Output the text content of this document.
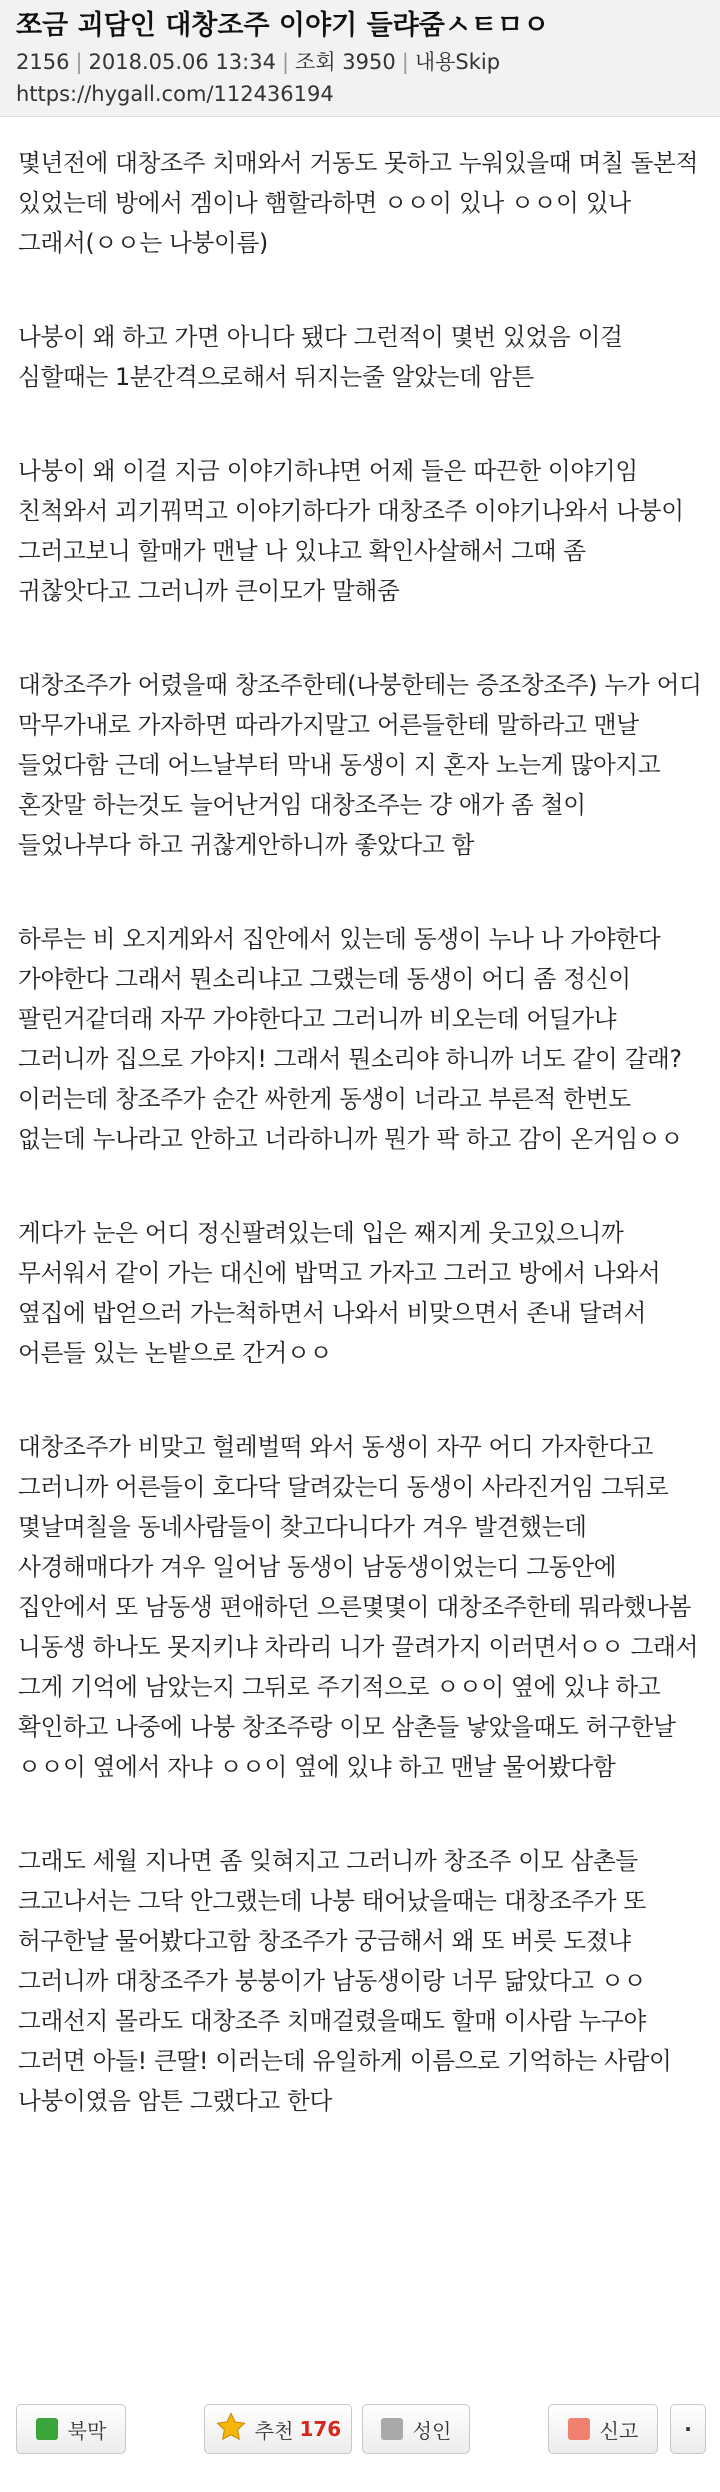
쪼금 괴담인 대창조주 이야기 들랴줌ㅅㅌㅁㅇ
2156 | 2018.05.06 13:34 | 조회 3950 | 내용Skip
https://hygall.com/112436194

몇년전에 대창조주 치매와서 거동도 못하고 누워있을때 며칠 돌본적 있었는데 방에서 겜이나 햄할라하면 ㅇㅇ이 있나 ㅇㅇ이 있나 그래서(ㅇㅇ는 나붕이름)

나붕이 왜 하고 가면 아니다 됐다 그런적이 몇번 있었음 이걸 심할때는 1분간격으로해서 뒤지는줄 알았는데 암튼

나붕이 왜 이걸 지금 이야기하냐면 어제 들은 따끈한 이야기임 친척와서 괴기꿔먹고 이야기하다가 대창조주 이야기나와서 나붕이 그러고보니 할매가 맨날 나 있냐고 확인사살해서 그때 좀 귀찮앗다고 그러니까 큰이모가 말해줌

대창조주가 어렸을때 창조주한테(나붕한테는 증조창조주) 누가 어디 막무가내로 가자하면 따라가지말고 어른들한테 말하라고 맨날 들었다함 근데 어느날부터 막내 동생이 지 혼자 노는게 많아지고 혼잣말 하는것도 늘어난거임 대창조주는 걍 애가 좀 철이 들었나부다 하고 귀찮게안하니까 좋았다고 함

하루는 비 오지게와서 집안에서 있는데 동생이 누나 나 가야한다 가야한다 그래서 뭔소리냐고 그랬는데 동생이 어디 좀 정신이 팔린거같더래 자꾸 가야한다고 그러니까 비오는데 어딜가냐 그러니까 집으로 가야지! 그래서 뭔소리야 하니까 너도 같이 갈래? 이러는데 창조주가 순간 싸한게 동생이 너라고 부른적 한번도 없는데 누나라고 안하고 너라하니까 뭔가 팍 하고 감이 온거임ㅇㅇ

게다가 눈은 어디 정신팔려있는데 입은 째지게 웃고있으니까 무서워서 같이 가는 대신에 밥먹고 가자고 그러고 방에서 나와서 옆집에 밥얻으러 가는척하면서 나와서 비맞으면서 존내 달려서 어른들 있는 논밭으로 간거ㅇㅇ

대창조주가 비맞고 헐레벌떡 와서 동생이 자꾸 어디 가자한다고 그러니까 어른들이 호다닥 달려갔는디 동생이 사라진거임 그뒤로 몇날며칠을 동네사람들이 찾고다니다가 겨우 발견했는데 사경해매다가 겨우 일어남 동생이 남동생이었는디 그동안에 집안에서 또 남동생 편애하던 으른몇몇이 대창조주한테 뭐라했나봄 니동생 하나도 못지키냐 차라리 니가 끌려가지 이러면서ㅇㅇ 그래서 그게 기억에 남았는지 그뒤로 주기적으로 ㅇㅇ이 옆에 있냐 하고 확인하고 나중에 나붕 창조주랑 이모 삼촌들 낳았을때도 허구한날 ㅇㅇ이 옆에서 자냐 ㅇㅇ이 옆에 있냐 하고 맨날 물어봤다함

그래도 세월 지나면 좀 잊혀지고 그러니까 창조주 이모 삼촌들 크고나서는 그닥 안그랬는데 나붕 태어났을때는 대창조주가 또 허구한날 물어봤다고함 창조주가 궁금해서 왜 또 버릇 도졌냐 그러니까 대창조주가 붕붕이가 남동생이랑 너무 닮았다고 ㅇㅇ 그래선지 몰라도 대창조주 치매걸렸을때도 할매 이사람 누구야 그러면 아들! 큰딸! 이러는데 유일하게 이름으로 기억하는 사람이 나붕이였음 암튼 그랬다고 한다

북막	추천 176	성인	신고 ·
